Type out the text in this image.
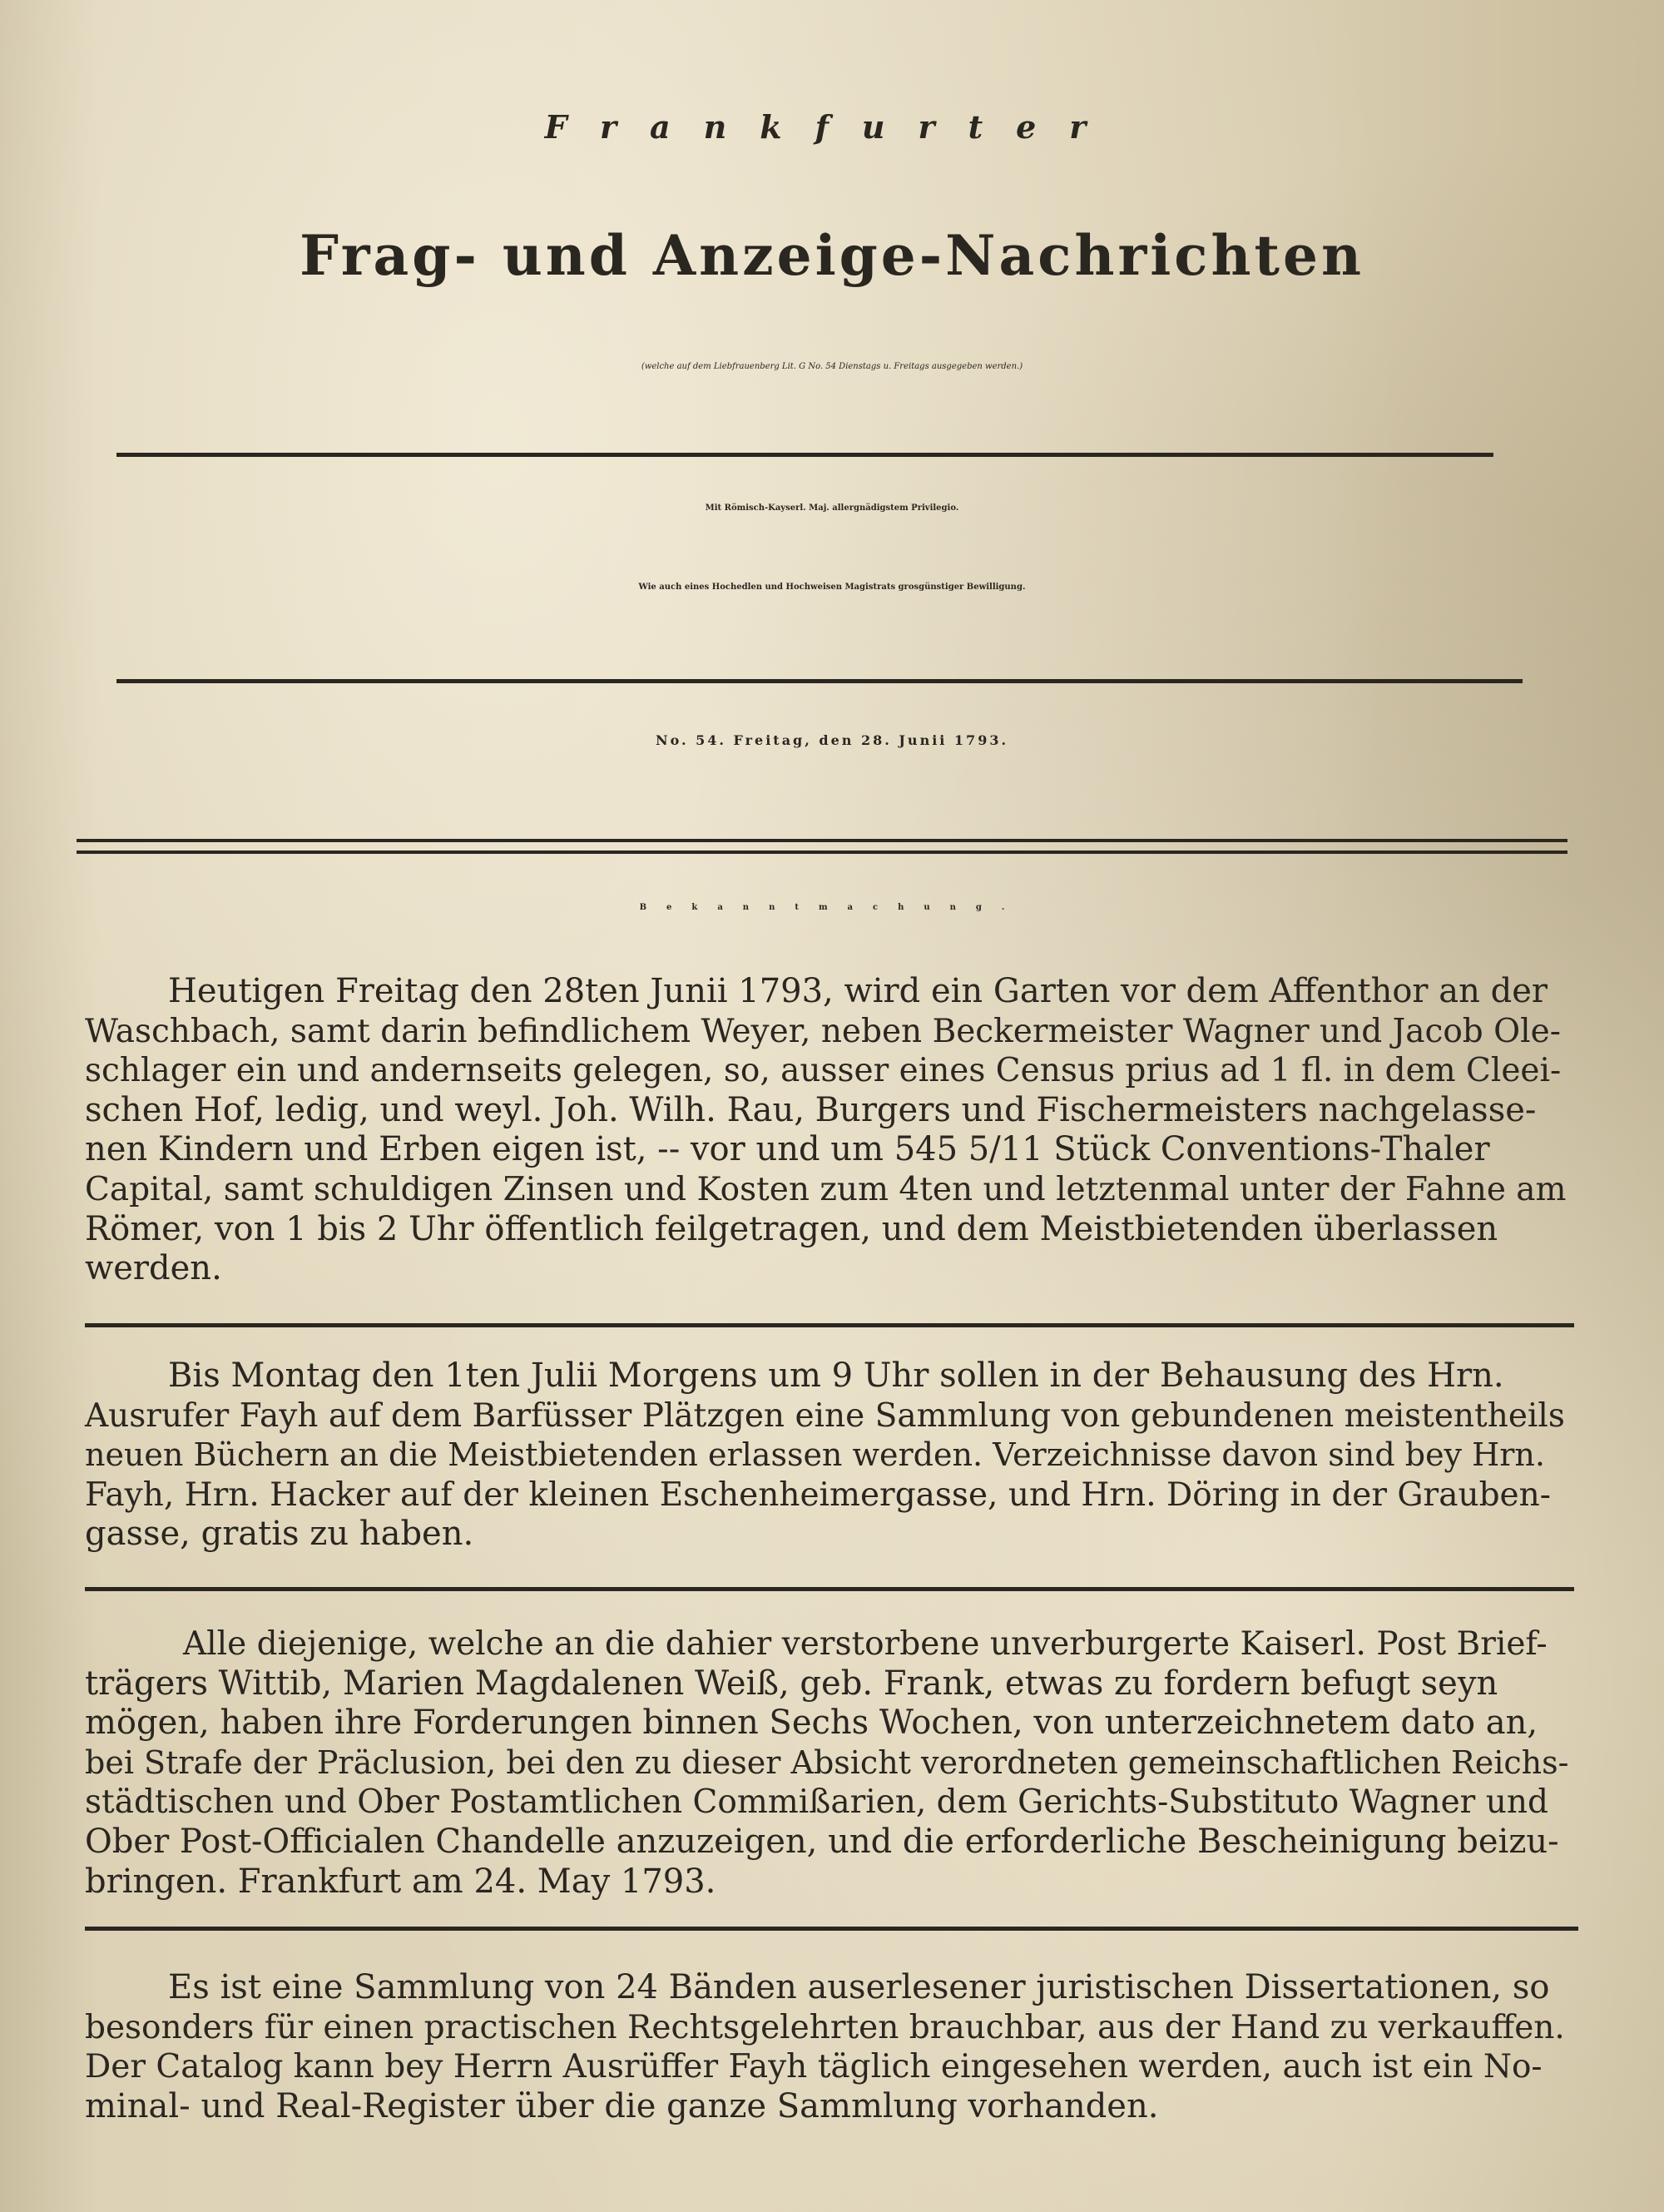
Frankfurter
Frag- und Anzeige-Nachrichten
(welche auf dem Liebfrauenberg Lit. G No. 54 Dienstags u. Freitags ausgegeben werden.)
Mit Römisch-Kayserl. Maj. allergnädigstem Privilegio.
Wie auch eines Hochedlen und Hochweisen Magistrats grosgünstiger Bewilligung.
No. 54. Freitag, den 28. Junii 1793.
Bekanntmachung.
Heutigen Freitag den 28ten Junii 1793, wird ein Garten vor dem Affenthor an der
Waschbach, samt darin befindlichem Weyer, neben Beckermeister Wagner und Jacob Ole-
schlager ein und andernseits gelegen, so, ausser eines Census prius ad 1 fl. in dem Cleei-
schen Hof, ledig, und weyl. Joh. Wilh. Rau, Burgers und Fischermeisters nachgelasse-
nen Kindern und Erben eigen ist, -- vor und um 545 5/11 Stück Conventions-Thaler
Capital, samt schuldigen Zinsen und Kosten zum 4ten und letztenmal unter der Fahne am
Römer, von 1 bis 2 Uhr öffentlich feilgetragen, und dem Meistbietenden überlassen
werden.
Bis Montag den 1ten Julii Morgens um 9 Uhr sollen in der Behausung des Hrn.
Ausrufer Fayh auf dem Barfüsser Plätzgen eine Sammlung von gebundenen meistentheils
neuen Büchern an die Meistbietenden erlassen werden. Verzeichnisse davon sind bey Hrn.
Fayh, Hrn. Hacker auf der kleinen Eschenheimergasse, und Hrn. Döring in der Grauben-
gasse, gratis zu haben.
Alle diejenige, welche an die dahier verstorbene unverburgerte Kaiserl. Post Brief-
trägers Wittib, Marien Magdalenen Weiß, geb. Frank, etwas zu fordern befugt seyn
mögen, haben ihre Forderungen binnen Sechs Wochen, von unterzeichnetem dato an,
bei Strafe der Präclusion, bei den zu dieser Absicht verordneten gemeinschaftlichen Reichs-
städtischen und Ober Postamtlichen Commißarien, dem Gerichts-Substituto Wagner und
Ober Post-Officialen Chandelle anzuzeigen, und die erforderliche Bescheinigung beizu-
bringen. Frankfurt am 24. May 1793.
Es ist eine Sammlung von 24 Bänden auserlesener juristischen Dissertationen, so
besonders für einen practischen Rechtsgelehrten brauchbar, aus der Hand zu verkauffen.
Der Catalog kann bey Herrn Ausrüffer Fayh täglich eingesehen werden, auch ist ein No-
minal- und Real-Register über die ganze Sammlung vorhanden.
